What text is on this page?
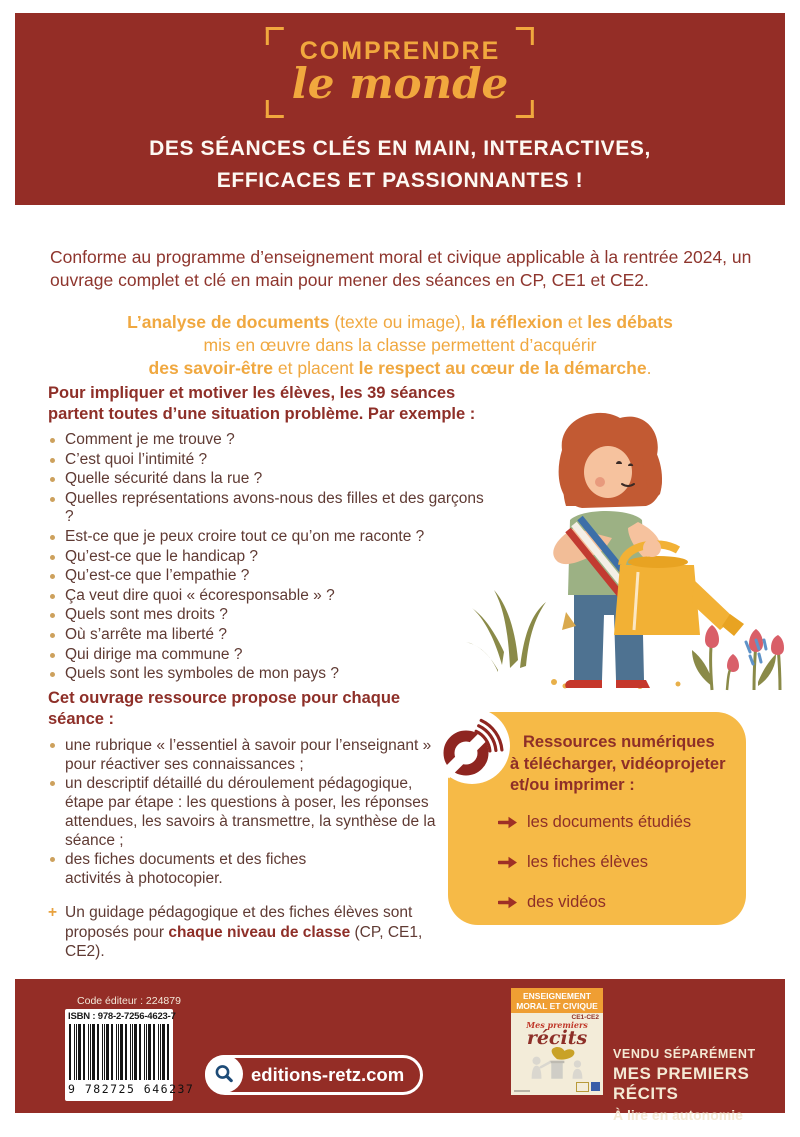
COMPRENDRE
le monde
DES SÉANCES CLÉS EN MAIN, INTERACTIVES,
EFFICACES ET PASSIONNANTES !

Conforme au programme d’enseignement moral et civique applicable à la rentrée 2024, un ouvrage complet et clé en main pour mener des séances en CP, CE1 et CE2.

L’analyse de documents (texte ou image), la réflexion et les débats
mis en œuvre dans la classe permettent d’acquérir
des savoir-être et placent le respect au cœur de la démarche.

Pour impliquer et motiver les élèves, les 39 séances partent toutes d’une situation problème. Par exemple :

Comment je me trouve ?
C’est quoi l’intimité ?
Quelle sécurité dans la rue ?
Quelles représentations avons-nous des filles et des garçons ?
Est-ce que je peux croire tout ce qu’on me raconte ?
Qu’est-ce que le handicap ?
Qu’est-ce que l’empathie ?
Ça veut dire quoi « écoresponsable » ?
Quels sont mes droits ?
Où s’arrête ma liberté ?
Qui dirige ma commune ?
Quels sont les symboles de mon pays ?

Cet ouvrage ressource propose pour chaque séance :

une rubrique « l’essentiel à savoir pour l’enseignant » pour réactiver ses connaissances ;
un descriptif détaillé du déroulement pédagogique, étape par étape : les questions à poser, les réponses attendues, les savoirs à transmettre, la synthèse de la séance ;
des fiches documents et des fiches activités à photocopier.

+ Un guidage pédagogique et des fiches élèves sont proposés pour chaque niveau de classe (CP, CE1, CE2).

Ressources numériques
à télécharger, vidéoprojeter
et/ou imprimer :
les documents étudiés
les fiches élèves
des vidéos
Code éditeur : 224879
ISBN : 978-2-7256-4623-7
9 782725 646237
editions-retz.com
ENSEIGNEMENT
MORAL ET CIVIQUE
CE1-CE2
Mes premiers récits
VENDU SÉPARÉMENT
MES PREMIERS RÉCITS
À lire en autonomie
